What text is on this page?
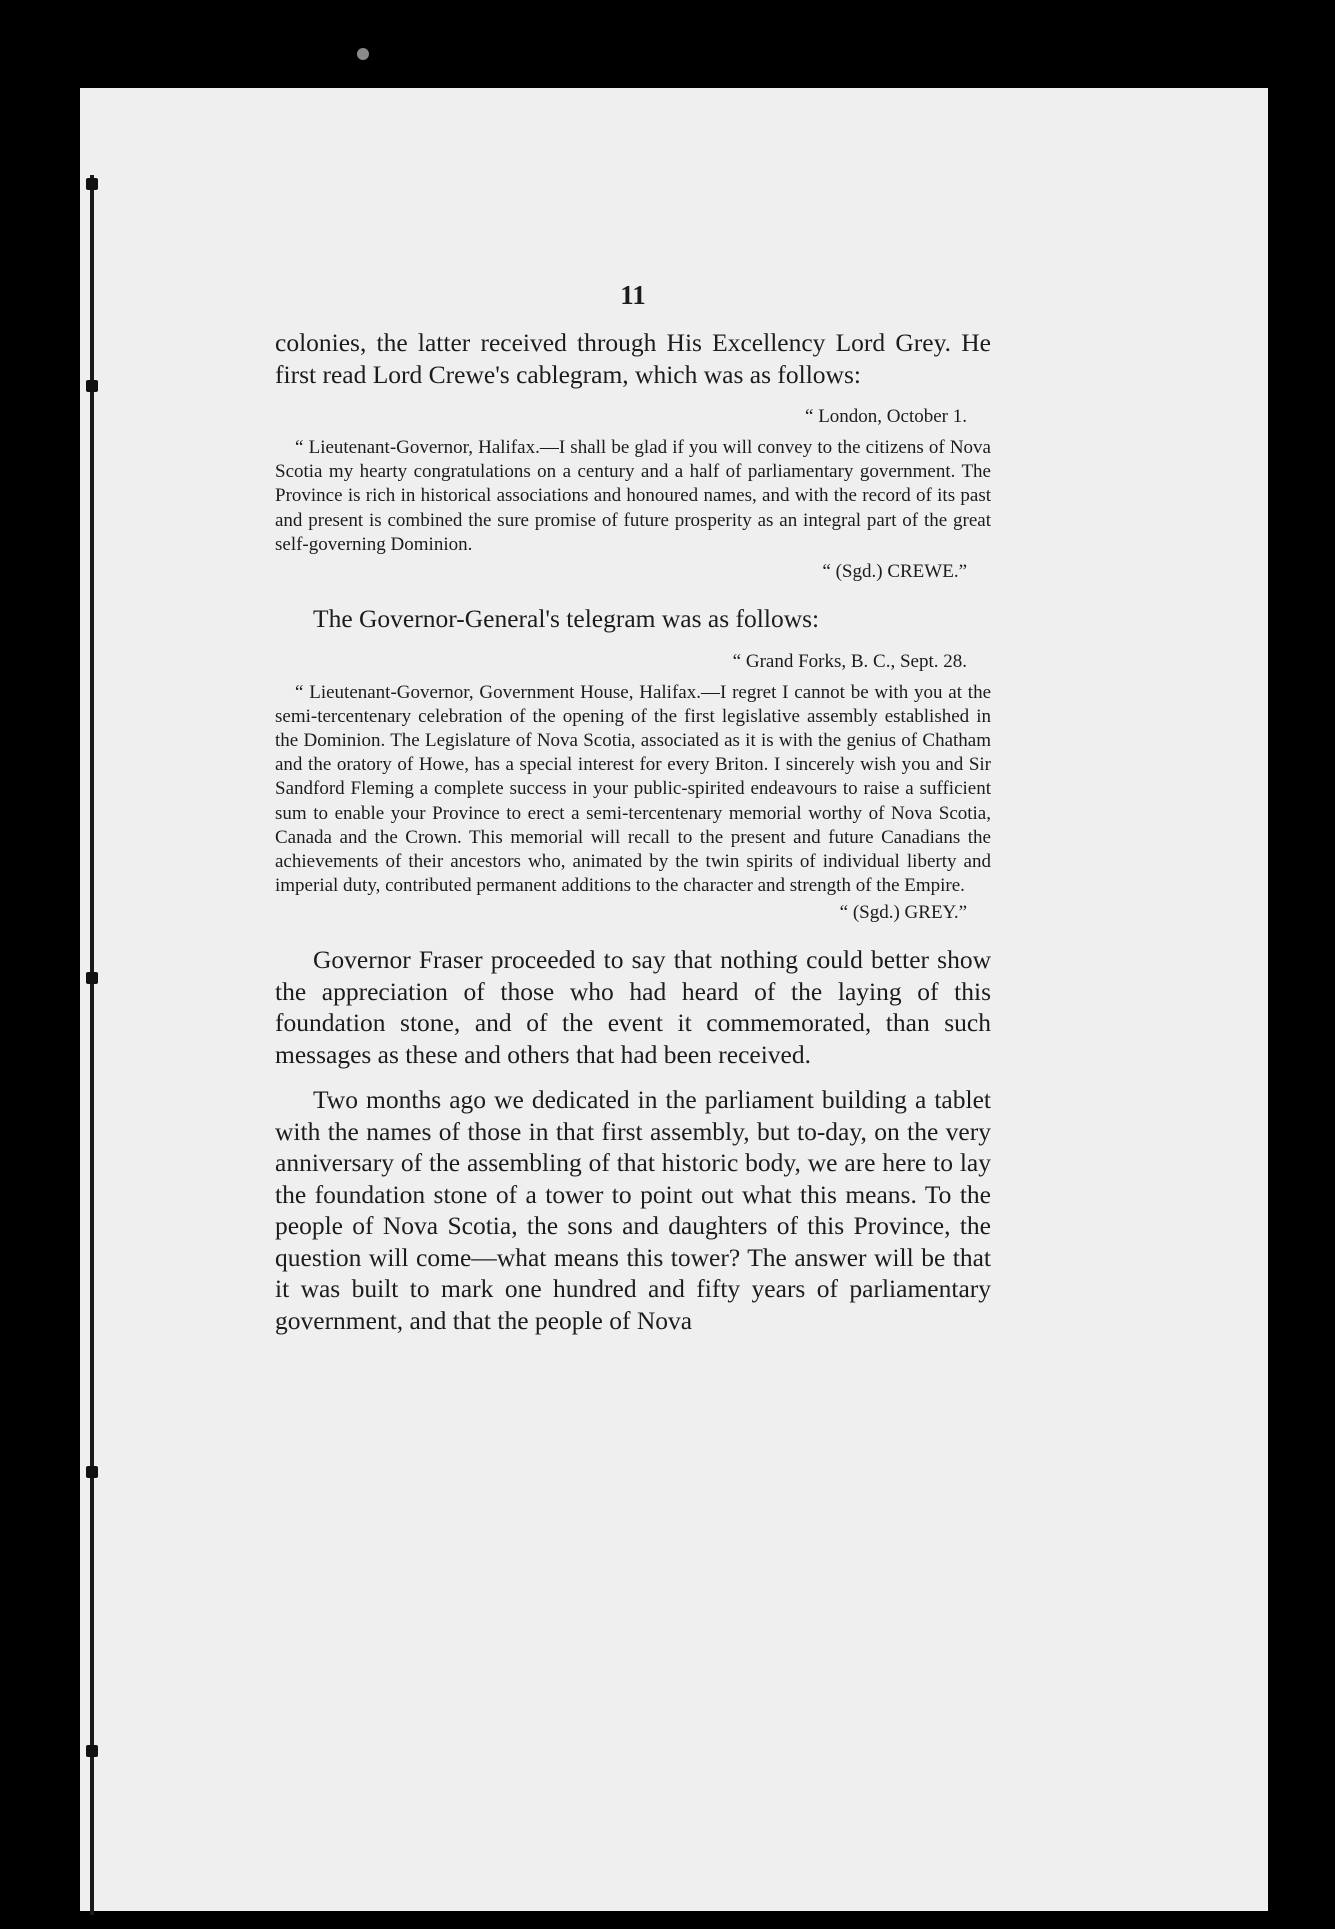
11

colonies, the latter received through His Excellency Lord Grey. He first read Lord Crewe's cablegram, which was as follows:

“ London, October 1.

“ Lieutenant-Governor, Halifax.—I shall be glad if you will convey to the citizens of Nova Scotia my hearty congratulations on a century and a half of parliamentary government. The Province is rich in historical associations and honoured names, and with the record of its past and present is combined the sure promise of future prosperity as an integral part of the great self-governing Dominion.

“ (Sgd.) CREWE.”

The Governor-General's telegram was as follows:

“ Grand Forks, B. C., Sept. 28.

“ Lieutenant-Governor, Government House, Halifax.—I regret I cannot be with you at the semi-tercentenary celebration of the opening of the first legislative assembly established in the Dominion. The Legislature of Nova Scotia, associated as it is with the genius of Chatham and the oratory of Howe, has a special interest for every Briton. I sincerely wish you and Sir Sandford Fleming a complete success in your public-spirited endeavours to raise a sufficient sum to enable your Province to erect a semi-tercentenary memorial worthy of Nova Scotia, Canada and the Crown. This memorial will recall to the present and future Canadians the achievements of their ancestors who, animated by the twin spirits of individual liberty and imperial duty, contributed permanent additions to the character and strength of the Empire.

“ (Sgd.) GREY.”

Governor Fraser proceeded to say that nothing could better show the appreciation of those who had heard of the laying of this foundation stone, and of the event it commemorated, than such messages as these and others that had been received.

Two months ago we dedicated in the parliament building a tablet with the names of those in that first assembly, but to-day, on the very anniversary of the assembling of that historic body, we are here to lay the foundation stone of a tower to point out what this means. To the people of Nova Scotia, the sons and daughters of this Province, the question will come—what means this tower? The answer will be that it was built to mark one hundred and fifty years of parliamentary government, and that the people of Nova
